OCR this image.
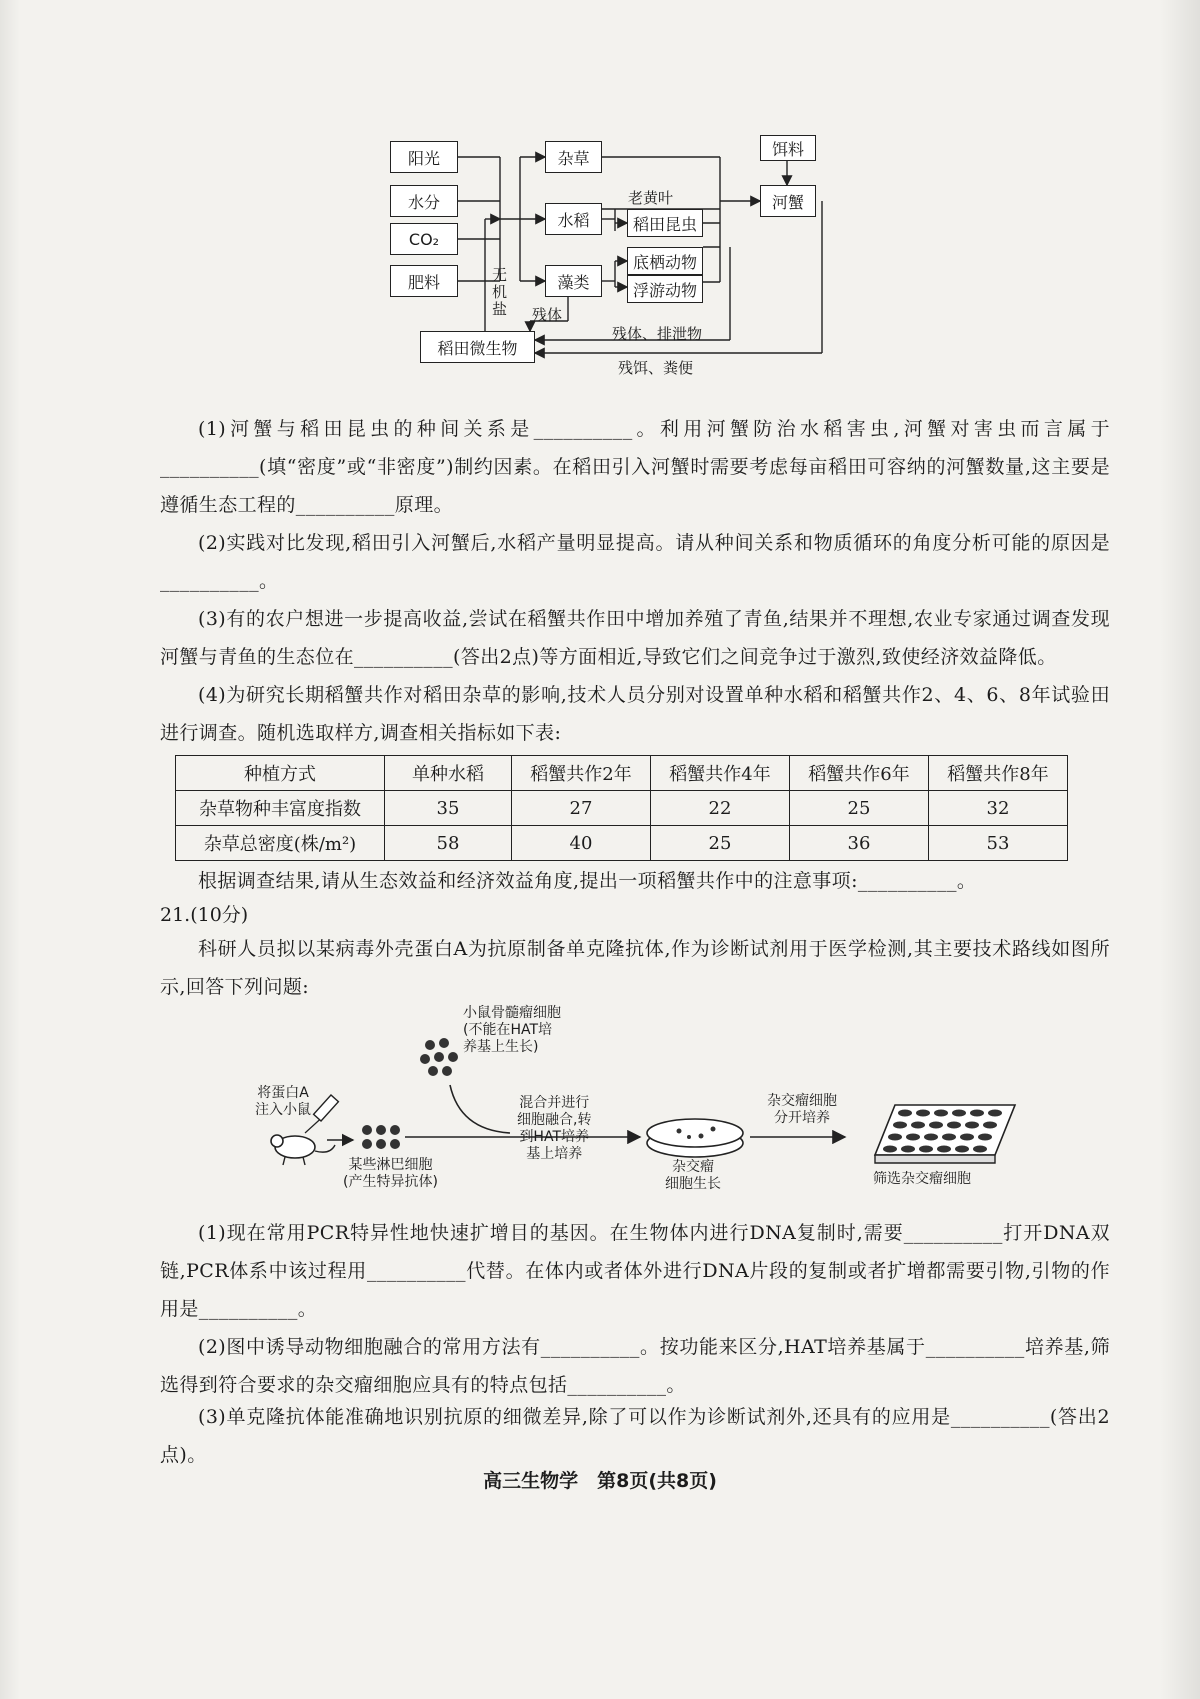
阳光
水分
CO₂
肥料
杂草
水稻
藻类
稻田昆虫
底栖动物
浮游动物
饵料
河蟹
稻田微生物
老黄叶
无机盐 残体
残体、排泄物
残饵、粪便
(1)河蟹与稻田昆虫的种间关系是__________。利用河蟹防治水稻害虫,河蟹对害虫而言属于__________(填“密度”或“非密度”)制约因素。在稻田引入河蟹时需要考虑每亩稻田可容纳的河蟹数量,这主要是遵循生态工程的__________原理。
(2)实践对比发现,稻田引入河蟹后,水稻产量明显提高。请从种间关系和物质循环的角度分析可能的原因是__________。
(3)有的农户想进一步提高收益,尝试在稻蟹共作田中增加养殖了青鱼,结果并不理想,农业专家通过调查发现河蟹与青鱼的生态位在__________(答出2点)等方面相近,导致它们之间竞争过于激烈,致使经济效益降低。
(4)为研究长期稻蟹共作对稻田杂草的影响,技术人员分别对设置单种水稻和稻蟹共作2、4、6、8年试验田进行调查。随机选取样方,调查相关指标如下表:
种植方式	单种水稻	稻蟹共作2年	稻蟹共作4年	稻蟹共作6年	稻蟹共作8年
杂草物种丰富度指数	35	27	22	25	32
杂草总密度(株/m²)	58	40	25	36	53
根据调查结果,请从生态效益和经济效益角度,提出一项稻蟹共作中的注意事项:__________。
21.(10分)
科研人员拟以某病毒外壳蛋白A为抗原制备单克隆抗体,作为诊断试剂用于医学检测,其主要技术路线如图所示,回答下列问题:
小鼠骨髓瘤细胞
(不能在HAT培
养基上生长)
将蛋白A
注入小鼠
某些淋巴细胞
(产生特异抗体)
混合并进行
细胞融合,转
到HAT培养
基上培养
杂交瘤
细胞生长
杂交瘤细胞
分开培养
筛选杂交瘤细胞
(1)现在常用PCR特异性地快速扩增目的基因。在生物体内进行DNA复制时,需要__________打开DNA双链,PCR体系中该过程用__________代替。在体内或者体外进行DNA片段的复制或者扩增都需要引物,引物的作用是__________。
(2)图中诱导动物细胞融合的常用方法有__________。按功能来区分,HAT培养基属于__________培养基,筛选得到符合要求的杂交瘤细胞应具有的特点包括__________。
高三生物学　第8页(共8页)
(3)单克隆抗体能准确地识别抗原的细微差异,除了可以作为诊断试剂外,还具有的应用是__________(答出2点)。
